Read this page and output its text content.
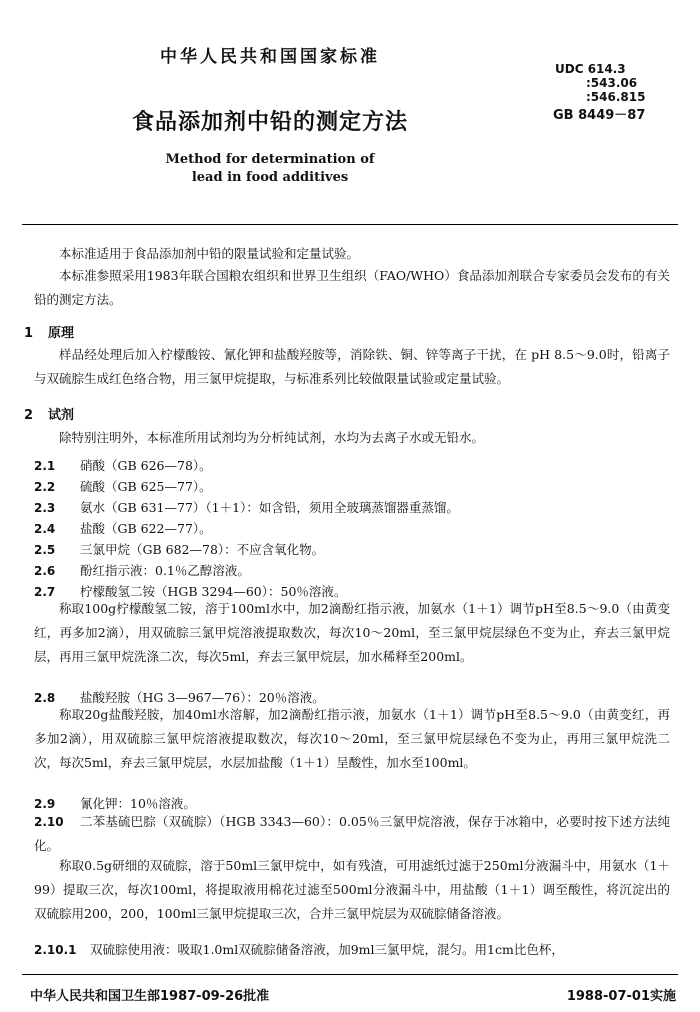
中华人民共和国国家标准
UDC 614.3
:543.06
:546.815
GB 8449－87
食品添加剂中铅的测定方法
Method for determination of
lead in food additives
本标准适用于食品添加剂中铅的限量试验和定量试验。
本标准参照采用1983年联合国粮农组织和世界卫生组织（FAO/WHO）食品添加剂联合专家委员会发布的有关铅的测定方法。
1 原理
样品经处理后加入柠檬酸铵、氰化钾和盐酸羟胺等，消除铁、铜、锌等离子干扰，在 pH 8.5～9.0时，铅离子与双硫腙生成红色络合物，用三氯甲烷提取，与标准系列比较做限量试验或定量试验。
2 试剂
除特别注明外，本标准所用试剂均为分析纯试剂，水均为去离子水或无铅水。
2.1 硝酸（GB 626—78）。
2.2 硫酸（GB 625—77）。
2.3 氨水（GB 631—77）（1＋1）：如含铅，须用全玻璃蒸馏器重蒸馏。
2.4 盐酸（GB 622—77）。
2.5 三氯甲烷（GB 682—78）：不应含氧化物。
2.6 酚红指示液：0.1％乙醇溶液。
2.7 柠檬酸氢二铵（HGB 3294—60）：50％溶液。
称取100g柠檬酸氢二铵，溶于100ml水中，加2滴酚红指示液，加氨水（1＋1）调节pH至8.5～9.0（由黄变红，再多加2滴），用双硫腙三氯甲烷溶液提取数次，每次10～20ml，至三氯甲烷层绿色不变为止，弃去三氯甲烷层，再用三氯甲烷洗涤二次，每次5ml，弃去三氯甲烷层，加水稀释至200ml。
2.8 盐酸羟胺（HG 3—967—76）：20％溶液。
称取20g盐酸羟胺，加40ml水溶解，加2滴酚红指示液，加氨水（1＋1）调节pH至8.5～9.0（由黄变红，再多加2滴），用双硫腙三氯甲烷溶液提取数次，每次10～20ml，至三氯甲烷层绿色不变为止，再用三氯甲烷洗二次，每次5ml，弃去三氯甲烷层，水层加盐酸（1＋1）呈酸性，加水至100ml。
2.9 氰化钾：10％溶液。
2.10 二苯基硫巴腙（双硫腙）（HGB 3343—60）：0.05％三氯甲烷溶液，保存于冰箱中，必要时按下述方法纯化。
称取0.5g研细的双硫腙，溶于50ml三氯甲烷中，如有残渣，可用滤纸过滤于250ml分液漏斗中，用氨水（1＋99）提取三次，每次100ml，将提取液用棉花过滤至500ml分液漏斗中，用盐酸（1＋1）调至酸性，将沉淀出的双硫腙用200，200，100ml三氯甲烷提取三次，合并三氯甲烷层为双硫腙储备溶液。
2.10.1 双硫腙使用液：吸取1.0ml双硫腙储备溶液，加9ml三氯甲烷，混匀。用1cm比色杯，
中华人民共和国卫生部1987-09-26批准	1988-07-01实施
